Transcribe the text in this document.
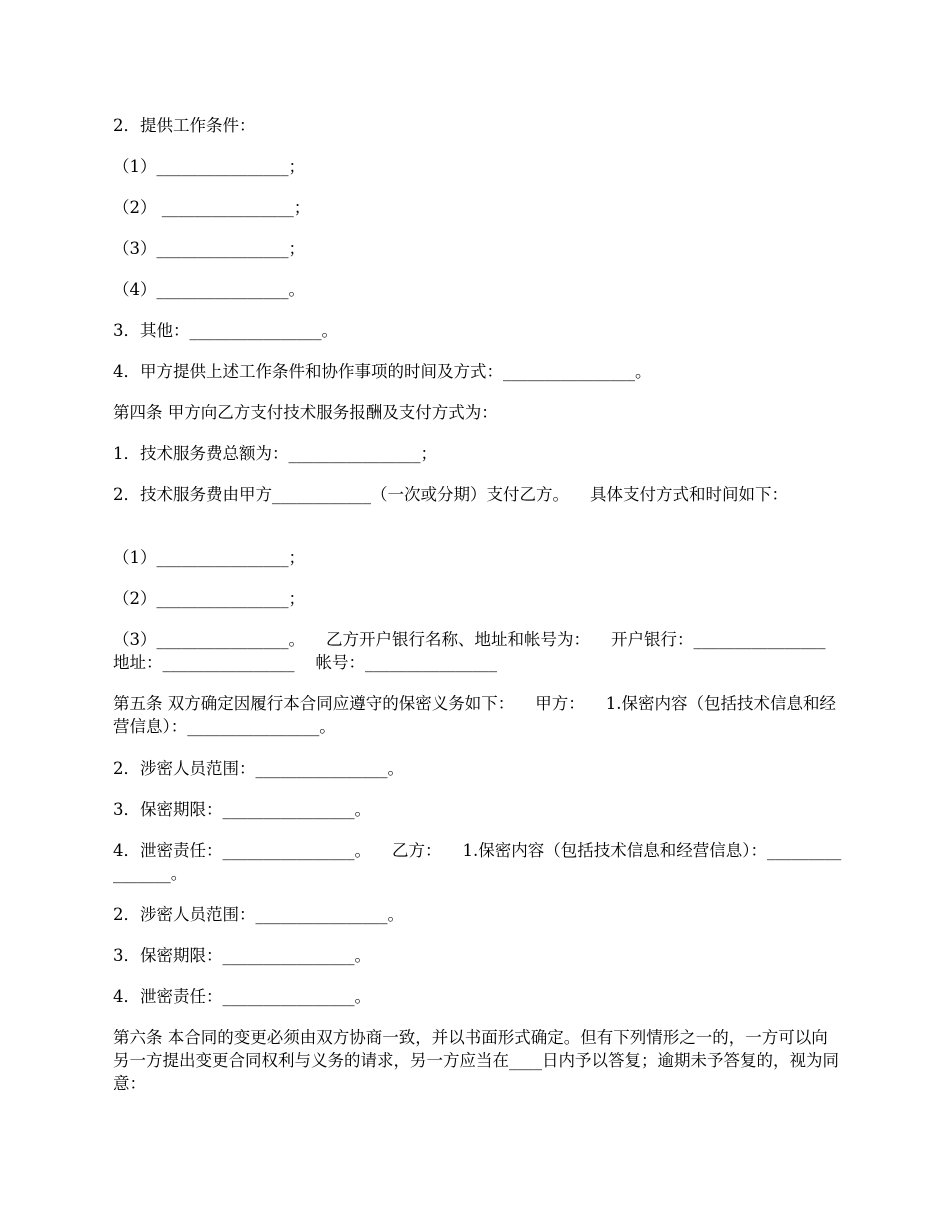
2．提供工作条件：
（1）________________；
（2） ________________；
（3）________________；
（4）________________。
3．其他：________________。
4．甲方提供上述工作条件和协作事项的时间及方式：________________。
第四条 甲方向乙方支付技术服务报酬及支付方式为：
1．技术服务费总额为：________________；
2．技术服务费由甲方____________（一次或分期）支付乙方。    具体支付方式和时间如下：
（1）________________；
（2）________________；
（3）________________。    乙方开户银行名称、地址和帐号为：    开户银行：________________    地址：________________    帐号：________________
第五条 双方确定因履行本合同应遵守的保密义务如下：    甲方：    1.保密内容（包括技术信息和经营信息）：________________。
2．涉密人员范围：________________。
3．保密期限：________________。
4．泄密责任：________________。    乙方：    1.保密内容（包括技术信息和经营信息）：________________。
2．涉密人员范围：________________。
3．保密期限：________________。
4．泄密责任：________________。
第六条 本合同的变更必须由双方协商一致，并以书面形式确定。但有下列情形之一的，一方可以向另一方提出变更合同权利与义务的请求，另一方应当在____日内予以答复；逾期未予答复的，视为同意：
